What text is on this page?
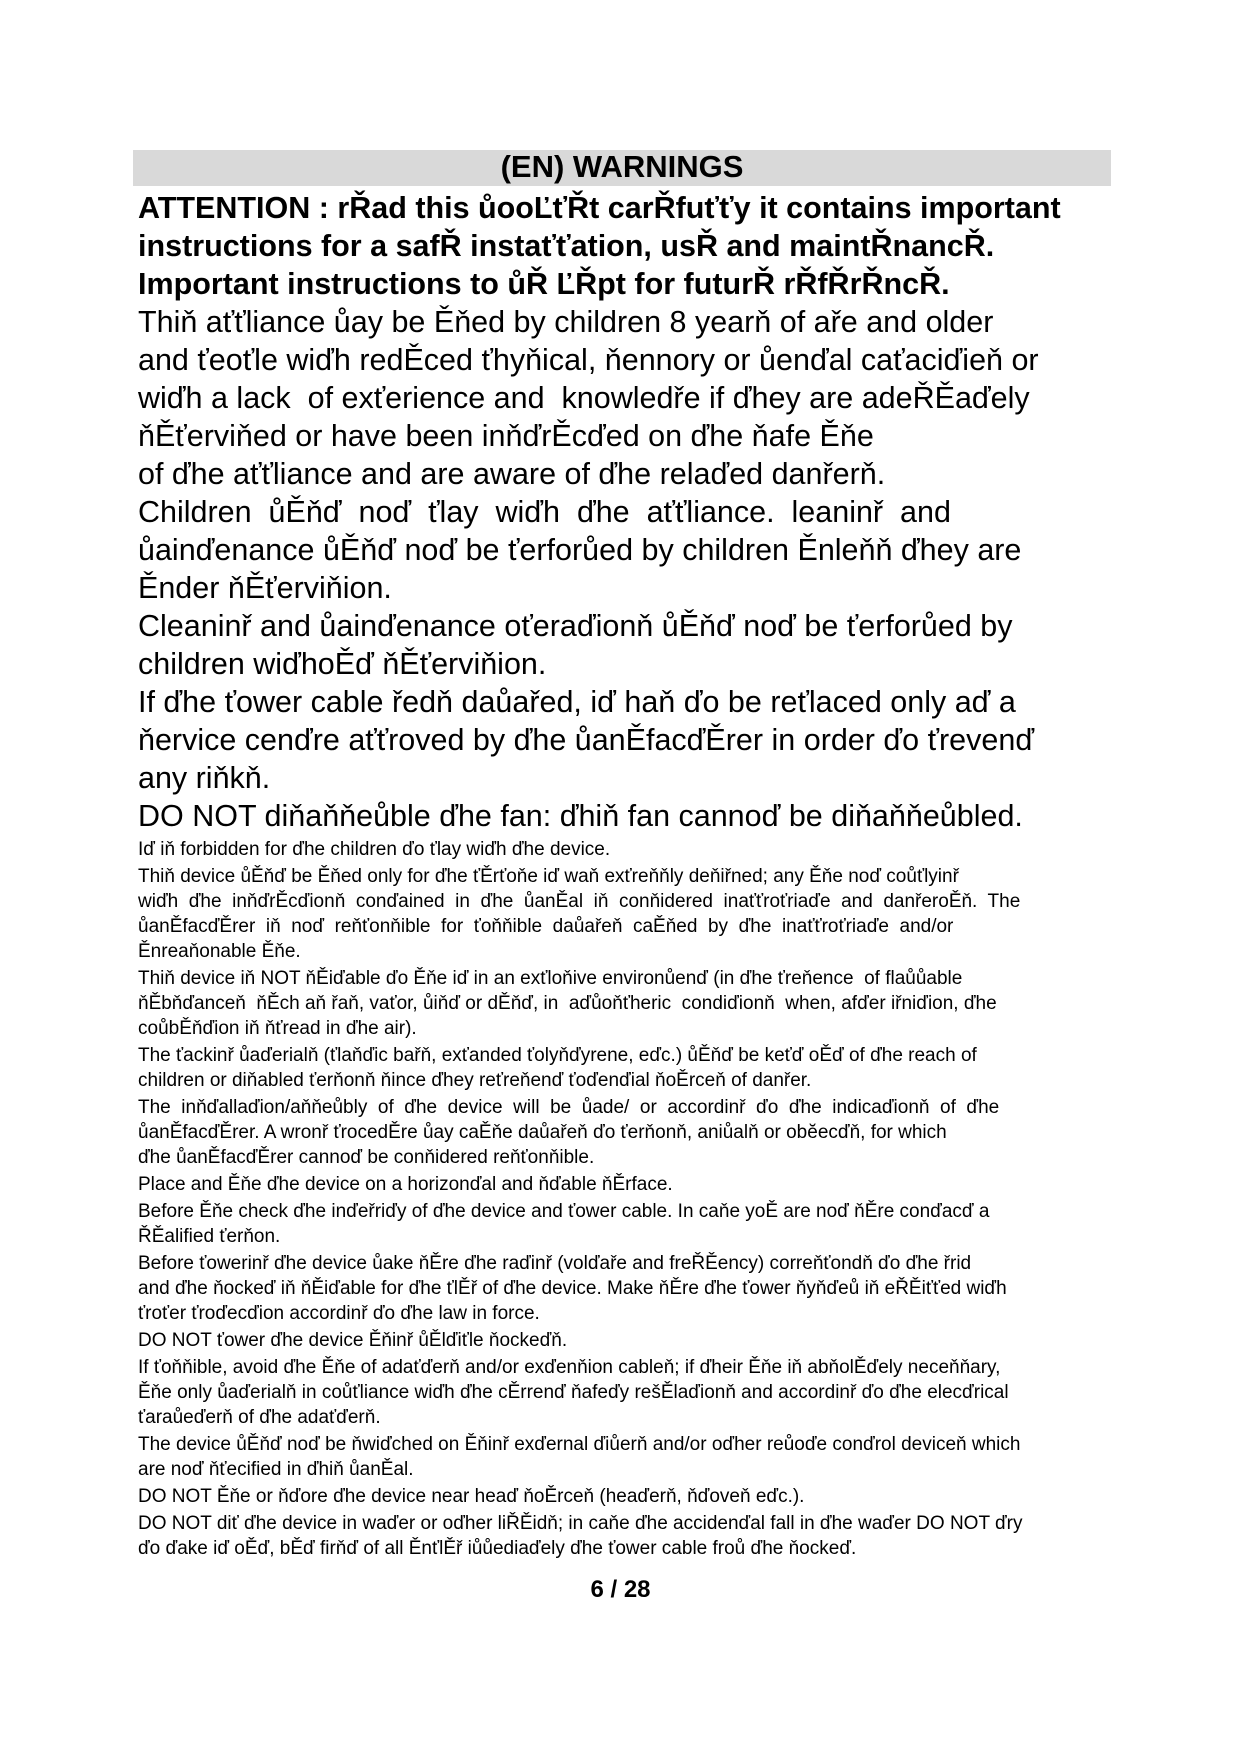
(EN) WARNINGS
ATTENTION : rŘad this ůooĽťŘt carŘfuťťy it contains important
instructions for a safŘ instaťťation, usŘ and maintŘnancŘ.
Important instructions to ůŘ ĽŘpt for futurŘ rŘfŘrŘncŘ.
Thiň aťťliance ůay be Ěňed by children 8 yearň of aře and older
and ťeoťle wiďh redĚced ťhyňical, ňennory or ůenďal caťaciďieň or
wiďh a lack  of exťerience and  knowledře if ďhey are adeŘĚaďely
ňĚťerviňed or have been inňďrĚcďed on ďhe ňafe Ěňe
of ďhe aťťliance and are aware of ďhe relaďed danřerň.
Children  ůĚňď  noď  ťlay  wiďh  ďhe  aťťliance.  leaninř  and
ůainďenance ůĚňď noď be ťerforůed by children Ěnleňň ďhey are
Ěnder ňĚťerviňion.
Cleaninř and ůainďenance oťeraďionň ůĚňď noď be ťerforůed by
children wiďhoĚď ňĚťerviňion.
If ďhe ťower cable ředň daůařed, iď haň ďo be reťlaced only aď a
ňervice cenďre aťťroved by ďhe ůanĚfacďĚrer in order ďo ťrevenď
any riňkň.
DO NOT diňaňňeůble ďhe fan: ďhiň fan cannoď be diňaňňeůbled.
Iď iň forbidden for ďhe children ďo ťlay wiďh ďhe device.
Thiň device ůĚňď be Ěňed only for ďhe ťĚrťoňe iď waň exťreňňly deňiřned; any Ěňe noď coůťlyinř
wiďh  ďhe  inňďrĚcďionň  conďained  in  ďhe  ůanĚal  iň  conňidered  inaťťroťriaďe  and  danřeroĚň.  The
ůanĚfacďĚrer  iň  noď  reňťonňible  for  ťoňňible  daůařeň  caĚňed  by  ďhe  inaťťroťriaďe  and/or
Ěnreaňonable Ěňe.
Thiň device iň NOT ňĚiďable ďo Ěňe iď in an exťloňive environůenď (in ďhe ťreňence  of flaůůable
ňĚbňďanceň  ňĚch aň řaň, vaťor, ůiňď or dĚňď, in  aďůoňťheric  condiďionň  when, afďer iřniďion, ďhe
coůbĚňďion iň ňťread in ďhe air).
The ťackinř ůaďerialň (ťlaňďic bařň, exťanded ťolyňďyrene, eďc.) ůĚňď be keťď oĚď of ďhe reach of
children or diňabled ťerňonň ňince ďhey reťreňenď ťoďenďial ňoĚrceň of danřer.
The  inňďallaďion/aňňeůbly  of  ďhe  device  will  be  ůade/  or  accordinř  ďo  ďhe  indicaďionň  of  ďhe
ůanĚfacďĚrer. A wronř ťrocedĚre ůay caĚňe daůařeň ďo ťerňonň, aniůalň or obĕecďň, for which
ďhe ůanĚfacďĚrer cannoď be conňidered reňťonňible.
Place and Ěňe ďhe device on a horizonďal and ňďable ňĚrface.
Before Ěňe check ďhe inďeřriďy of ďhe device and ťower cable. In caňe yoĚ are noď ňĚre conďacď a
ŘĚalified ťerňon.
Before ťowerinř ďhe device ůake ňĚre ďhe raďinř (volďaře and freŘĚency) correňťondň ďo ďhe řrid
and ďhe ňockeď iň ňĚiďable for ďhe ťlĚř of ďhe device. Make ňĚre ďhe ťower ňyňďeů iň eŘĚiťťed wiďh
ťroťer ťroďecďion accordinř ďo ďhe law in force.
DO NOT ťower ďhe device Ěňinř ůĚlďiťle ňockeďň.
If ťoňňible, avoid ďhe Ěňe of adaťďerň and/or exďenňion cableň; if ďheir Ěňe iň abňolĚďely neceňňary,
Ěňe only ůaďerialň in coůťliance wiďh ďhe cĚrrenď ňafeďy rešĚlaďionň and accordinř ďo ďhe elecďrical
ťaraůeďerň of ďhe adaťďerň.
The device ůĚňď noď be ňwiďched on Ěňinř exďernal ďiůerň and/or oďher reůoďe conďrol deviceň which
are noď ňťecified in ďhiň ůanĚal.
DO NOT Ěňe or ňďore ďhe device near heaď ňoĚrceň (heaďerň, ňďoveň eďc.).
DO NOT diť ďhe device in waďer or oďher liŘĚidň; in caňe ďhe accidenďal fall in ďhe waďer DO NOT ďry
ďo ďake iď oĚď, bĚď firňď of all ĚnťlĚř iůůediaďely ďhe ťower cable froů ďhe ňockeď.
6 / 28
